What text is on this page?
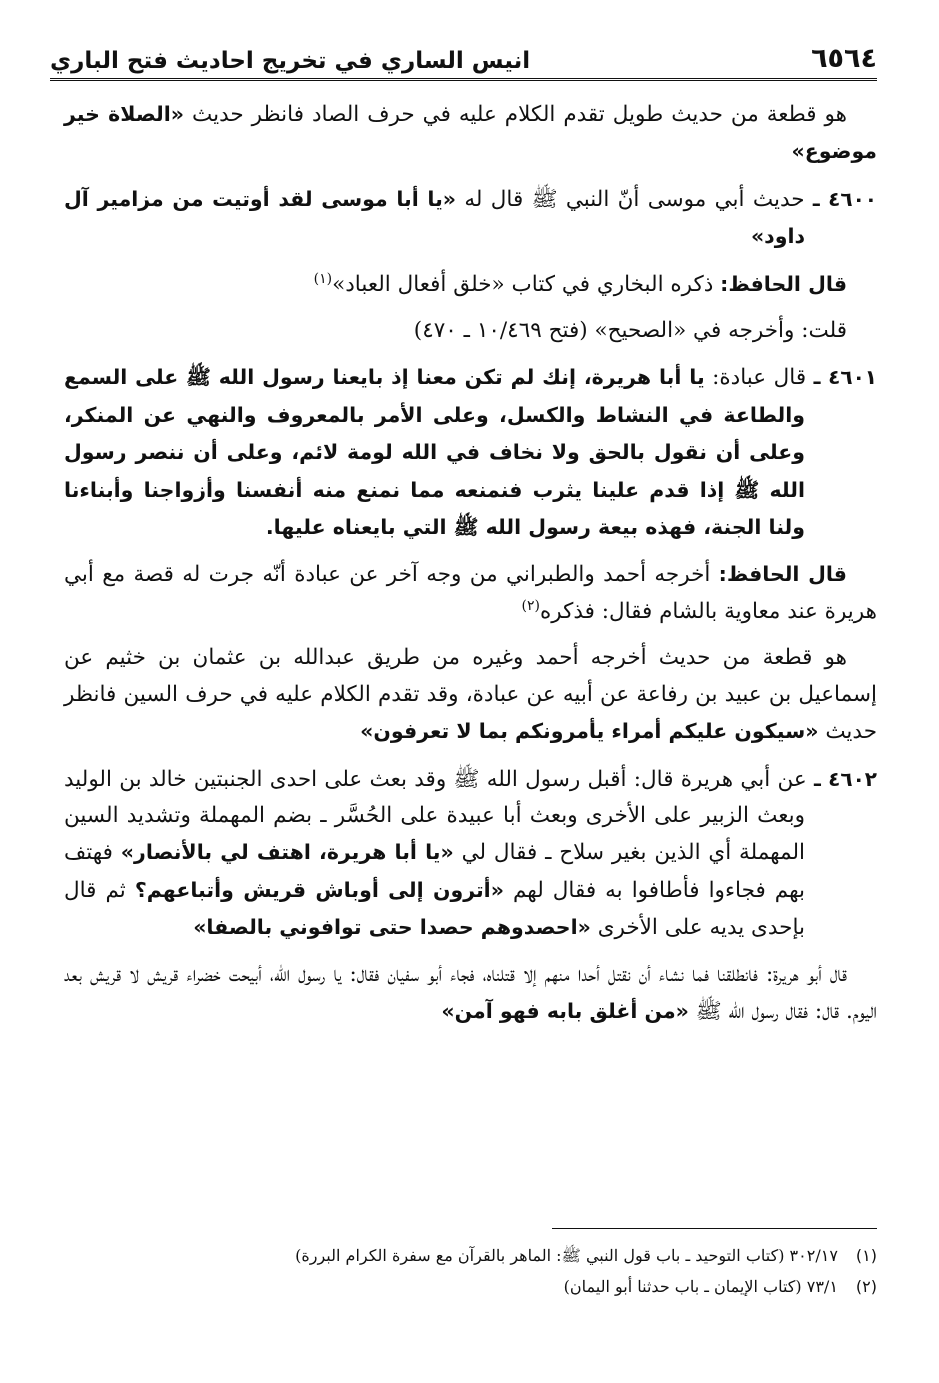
٦٥٦٤
انيس الساري في تخريج احاديث فتح الباري

هو قطعة من حديث طويل تقدم الكلام عليه في حرف الصاد فانظر حديث «الصلاة خير موضوع»

٤٦٠٠ ـ حديث أبي موسى أنّ النبي ﷺ قال له «يا أبا موسى لقد أوتيت من مزامير آل داود»

قال الحافظ: ذكره البخاري في كتاب «خلق أفعال العباد»$^{(١)}$

قلت: وأخرجه في «الصحيح» (فتح ١٠/٤٦٩ ـ ٤٧٠)

٤٦٠١ ـ قال عبادة: يا أبا هريرة، إنك لم تكن معنا إذ بايعنا رسول الله ﷺ على السمع والطاعة في النشاط والكسل، وعلى الأمر بالمعروف والنهي عن المنكر، وعلى أن نقول بالحق ولا نخاف في الله لومة لائم، وعلى أن ننصر رسول الله ﷺ إذا قدم علينا يثرب فنمنعه مما نمنع منه أنفسنا وأزواجنا وأبناءنا ولنا الجنة، فهذه بيعة رسول الله ﷺ التي بايعناه عليها.

قال الحافظ: أخرجه أحمد والطبراني من وجه آخر عن عبادة أنّه جرت له قصة مع أبي هريرة عند معاوية بالشام فقال: فذكره$^{(٢)}$

هو قطعة من حديث أخرجه أحمد وغيره من طريق عبدالله بن عثمان بن خثيم عن إسماعيل بن عبيد بن رفاعة عن أبيه عن عبادة، وقد تقدم الكلام عليه في حرف السين فانظر حديث «سيكون عليكم أمراء يأمرونكم بما لا تعرفون»

٤٦٠٢ ـ عن أبي هريرة قال: أقبل رسول الله ﷺ وقد بعث على احدى الجنبتين خالد بن الوليد وبعث الزبير على الأخرى وبعث أبا عبيدة على الحُسَّر ـ بضم المهملة وتشديد السين المهملة أي الذين بغير سلاح ـ فقال لي «يا أبا هريرة، اهتف لي بالأنصار» فهتف بهم فجاءوا فأطافوا به فقال لهم «أترون إلى أوباش قريش وأتباعهم؟ ثم قال بإحدى يديه على الأخرى «احصدوهم حصدا حتى توافوني بالصفا»

قال أبو هريرة: فانطلقنا فما نشاء أن نقتل أحدا منهم إلا قتلناه، فجاء أبو سفيان فقال: يا رسول الله، أبيحت خضراء قريش لا قريش بعد اليوم. قال: فقال رسول الله ﷺ «من أغلق بابه فهو آمن»

(١)
٣٠٢/١٧ (كتاب التوحيد ـ باب قول النبي ﷺ: الماهر بالقرآن مع سفرة الكرام البررة)
(٢)
٧٣/١ (كتاب الإيمان ـ باب حدثنا أبو اليمان)
